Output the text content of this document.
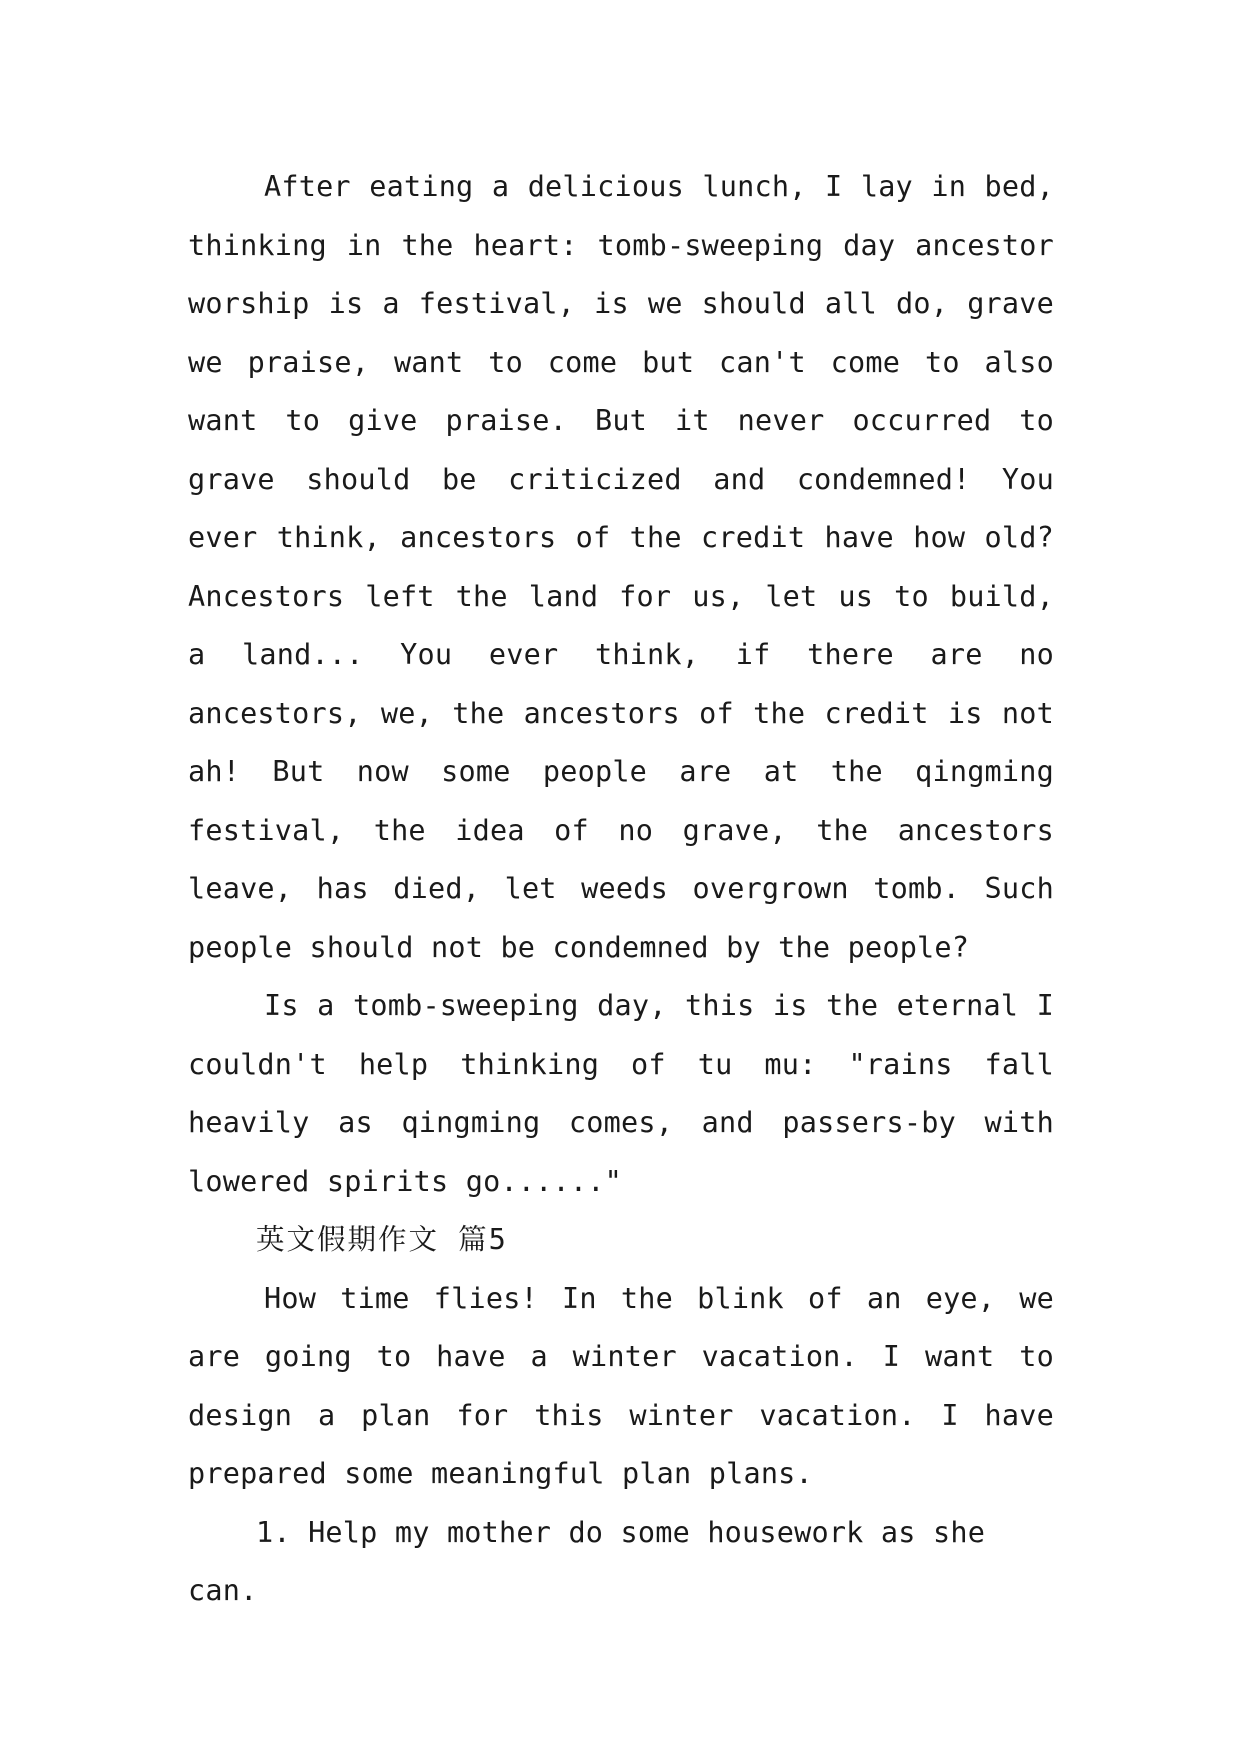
After eating a delicious lunch, I lay in bed, thinking in the heart: tomb-sweeping day ancestor worship is a festival, is we should all do, grave we praise, want to come but can't come to also want to give praise. But it never occurred to grave should be criticized and condemned! You ever think, ancestors of the credit have how old? Ancestors left the land for us, let us to build, a land... You ever think, if there are no ancestors, we, the ancestors of the credit is not ah! But now some people are at the qingming festival, the idea of no grave, the ancestors leave, has died, let weeds overgrown tomb. Such people should not be condemned by the people?

Is a tomb-sweeping day, this is the eternal I couldn't help thinking of tu mu: "rains fall heavily as qingming comes, and passers-by with lowered spirits go......"

英文假期作文 篇5

How time flies! In the blink of an eye, we are going to have a winter vacation. I want to design a plan for this winter vacation. I have prepared some meaningful plan plans.

1. Help my mother do some housework as she can.
